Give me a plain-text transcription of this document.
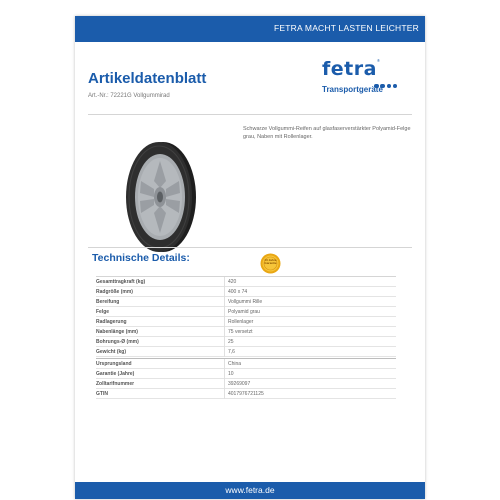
FETRA MACHT LASTEN LEICHTER
Artikeldatenblatt
Art.-Nr.: 72221G Vollgummirad
fetra ®
Transportgeräte
Schwarze Vollgummi-Reifen auf glasfaserverstärkter Polyamid-Felge grau, Naben mit Rollenlager.
Technische Details:	10 Jahre Garantie
Gesamttragkraft (kg)	420
Radgröße (mm)	400 x 74
Bereifung	Vollgummi Rille
Felge	Polyamid grau
Radlagerung	Rollenlager
Nabenlänge (mm)	75 versetzt
Bohrungs-Ø (mm)	25
Gewicht (kg)	7,6
Ursprungsland	China
Garantie (Jahre)	10
Zolltarifnummer	39269097
GTIN	4017976721125
www.fetra.de
